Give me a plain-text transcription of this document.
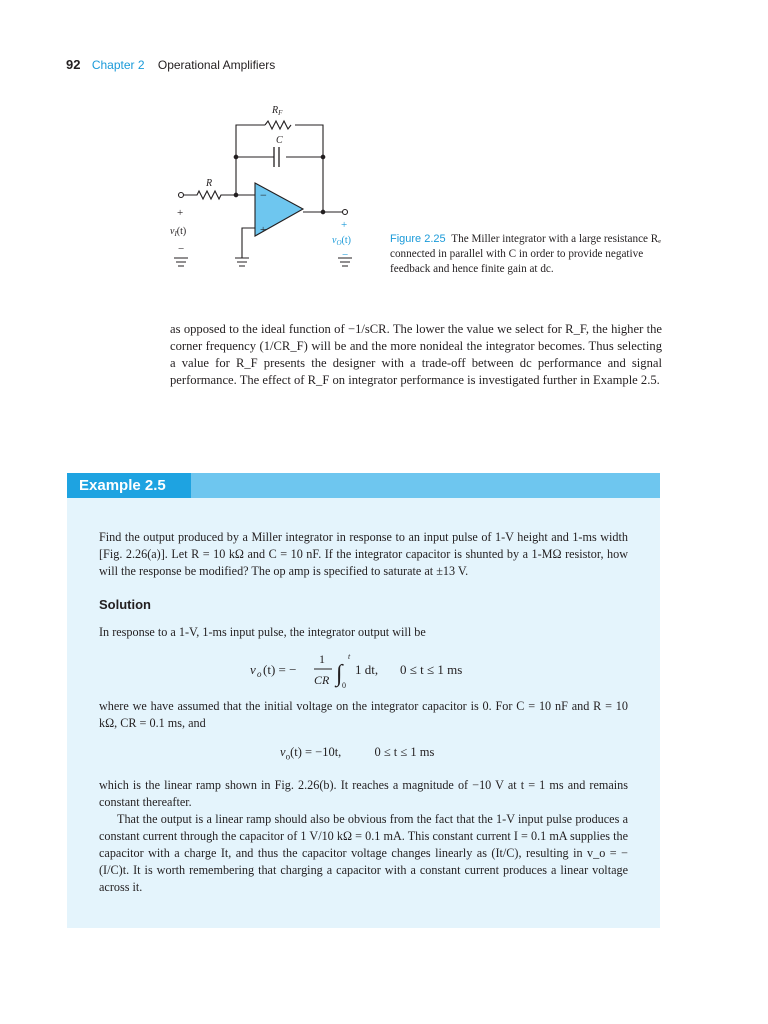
92 Chapter 2 Operational Amplifiers
$R_F$
C
R
+
$v_I(t)$
−
+
$v_O(t)$
−
−
+
Figure 2.25 The Miller integrator with a large resistance Rₑ connected in parallel with C in order to provide negative feedback and hence finite gain at dc.
as opposed to the ideal function of −1/sCR. The lower the value we select for R_F, the higher the corner frequency (1/CR_F) will be and the more nonideal the integrator becomes. Thus selecting a value for R_F presents the designer with a trade-off between dc performance and signal performance. The effect of R_F on integrator performance is investigated further in Example 2.5.
Example 2.5
Find the output produced by a Miller integrator in response to an input pulse of 1-V height and 1-ms width [Fig. 2.26(a)]. Let R = 10 kΩ and C = 10 nF. If the integrator capacitor is shunted by a 1-MΩ resistor, how will the response be modified? The op amp is specified to saturate at ±13 V.
Solution
In response to a 1-V, 1-ms input pulse, the integrator output will be
v o (t) = −
1
CR ∫
t
0
1 dt, 0 ≤ t ≤ 1 ms
where we have assumed that the initial voltage on the integrator capacitor is 0. For C = 10 nF and R = 10 kΩ, CR = 0.1 ms, and
$v_o(t) = -10t$,	0 ≤ t ≤ 1 ms
which is the linear ramp shown in Fig. 2.26(b). It reaches a magnitude of −10 V at t = 1 ms and remains constant thereafter.
That the output is a linear ramp should also be obvious from the fact that the 1-V input pulse produces a constant current through the capacitor of 1 V/10 kΩ = 0.1 mA. This constant current I = 0.1 mA supplies the capacitor with a charge It, and thus the capacitor voltage changes linearly as (It/C), resulting in v_o = −(I/C)t. It is worth remembering that charging a capacitor with a constant current produces a linear voltage across it.
